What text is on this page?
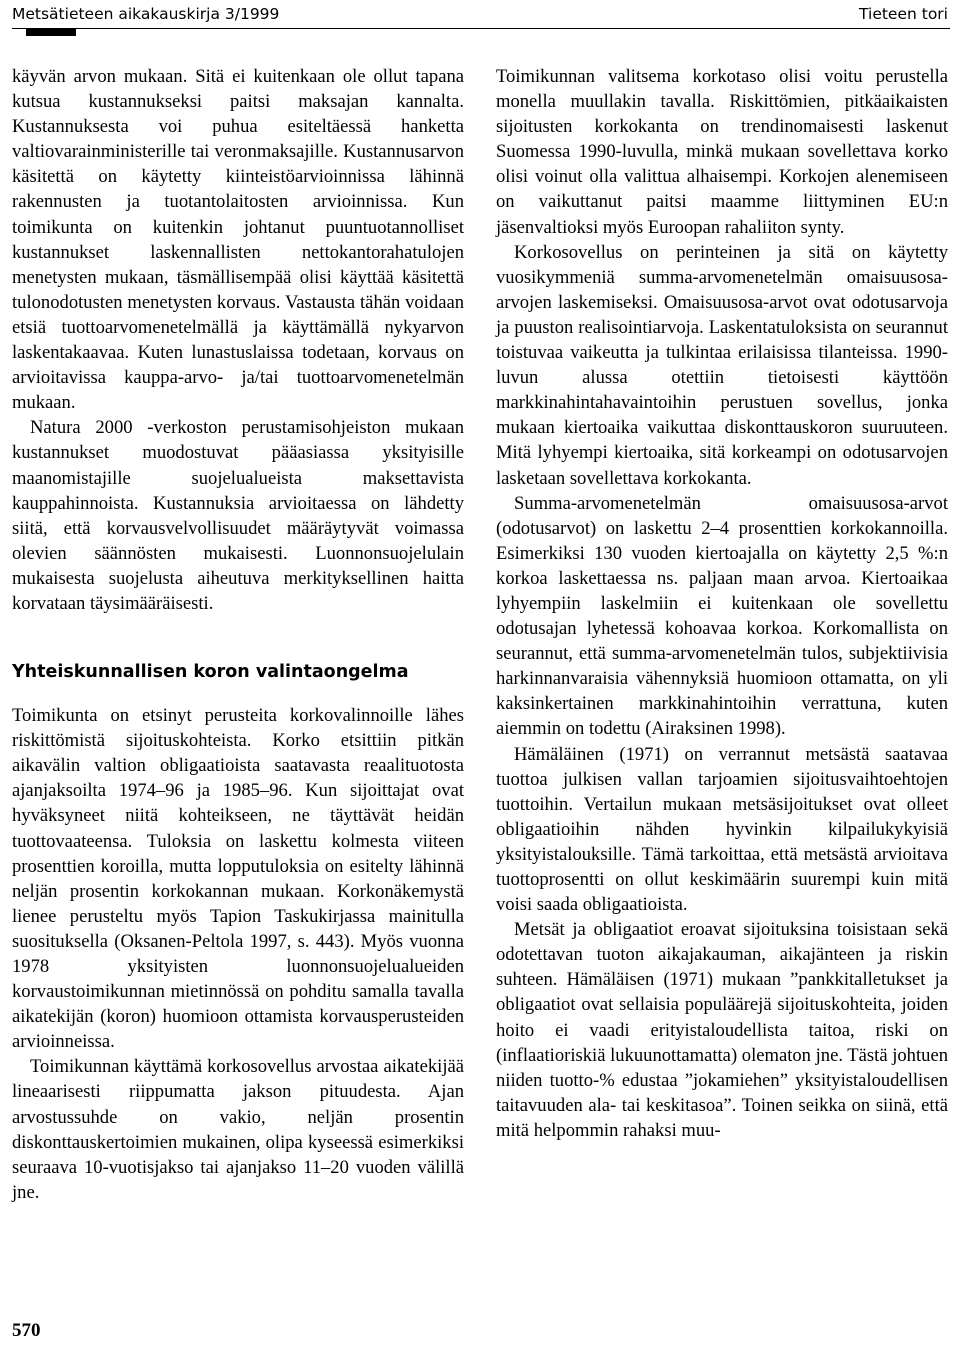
Metsätieteen aikakauskirja 3/1999	Tieteen tori

käyvän arvon mukaan. Sitä ei kuitenkaan ole ollut tapana kutsua kustannukseksi paitsi maksajan kannalta. Kustannuksesta voi puhua esiteltäessä hanketta valtiovarainministerille tai veronmaksajille. Kustannusarvon käsitettä on käytetty kiinteistöarvioinnissa lähinnä rakennusten ja tuotantolaitosten arvioinnissa. Kun toimikunta on kuitenkin johtanut puuntuotannolliset kustannukset laskennallisten nettokantorahatulojen menetysten mukaan, täsmällisempää olisi käyttää käsitettä tulonodotusten menetysten korvaus. Vastausta tähän voidaan etsiä tuottoarvomenetelmällä ja käyttämällä nykyarvon laskentakaavaa. Kuten lunastuslaissa todetaan, korvaus on arvioitavissa kauppa-arvo- ja/tai tuottoarvomenetelmän mukaan.

Natura 2000 -verkoston perustamisohjeiston mukaan kustannukset muodostuvat pääasiassa yksityisille maanomistajille suojelualueista maksettavista kauppahinnoista. Kustannuksia arvioitaessa on lähdetty siitä, että korvausvelvollisuudet määräytyvät voimassa olevien säännösten mukaisesti. Luonnonsuojelulain mukaisesta suojelusta aiheutuva merkityksellinen haitta korvataan täysimääräisesti.

Yhteiskunnallisen koron valintaongelma

Toimikunta on etsinyt perusteita korkovalinnoille lähes riskittömistä sijoituskohteista. Korko etsittiin pitkän aikavälin valtion obligaatioista saatavasta reaalituotosta ajanjaksoilta 1974–96 ja 1985–96. Kun sijoittajat ovat hyväksyneet niitä kohteikseen, ne täyttävät heidän tuottovaateensa. Tuloksia on laskettu kolmesta viiteen prosenttien koroilla, mutta lopputuloksia on esitelty lähinnä neljän prosentin korkokannan mukaan. Korkonäkemystä lienee perusteltu myös Tapion Taskukirjassa mainitulla suosituksella (Oksanen-Peltola 1997, s. 443). Myös vuonna 1978 yksityisten luonnonsuojelualueiden korvaustoimikunnan mietinnössä on pohditu samalla tavalla aikatekijän (koron) huomioon ottamista korvausperusteiden arvioinneissa.

Toimikunnan käyttämä korkosovellus arvostaa aikatekijää lineaarisesti riippumatta jakson pituudesta. Ajan arvostussuhde on vakio, neljän prosentin diskonttauskertoimien mukainen, olipa kyseessä esimerkiksi seuraava 10-vuotisjakso tai ajanjakso 11–20 vuoden välillä jne.

Toimikunnan valitsema korkotaso olisi voitu perustella monella muullakin tavalla. Riskittömien, pitkäaikaisten sijoitusten korkokanta on trendinomaisesti laskenut Suomessa 1990-luvulla, minkä mukaan sovellettava korko olisi voinut olla valittua alhaisempi. Korkojen alenemiseen on vaikuttanut paitsi maamme liittyminen EU:n jäsenvaltioksi myös Euroopan rahaliiton synty.

Korkosovellus on perinteinen ja sitä on käytetty vuosikymmeniä summa-arvomenetelmän omaisuusosa-arvojen laskemiseksi. Omaisuusosa-arvot ovat odotusarvoja ja puuston realisointiarvoja. Laskentatuloksista on seurannut toistuvaa vaikeutta ja tulkintaa erilaisissa tilanteissa. 1990-luvun alussa otettiin tietoisesti käyttöön markkinahintahavaintoihin perustuen sovellus, jonka mukaan kiertoaika vaikuttaa diskonttauskoron suuruuteen. Mitä lyhyempi kiertoaika, sitä korkeampi on odotusarvojen lasketaan sovellettava korkokanta.

Summa-arvomenetelmän omaisuusosa-arvot (odotusarvot) on laskettu 2–4 prosenttien korkokannoilla. Esimerkiksi 130 vuoden kiertoajalla on käytetty 2,5 %:n korkoa laskettaessa ns. paljaan maan arvoa. Kiertoaikaa lyhyempiin laskelmiin ei kuitenkaan ole sovellettu odotusajan lyhetessä kohoavaa korkoa. Korkomallista on seurannut, että summa-arvomenetelmän tulos, subjektiivisia harkinnanvaraisia vähennyksiä huomioon ottamatta, on yli kaksinkertainen markkinahintoihin verrattuna, kuten aiemmin on todettu (Airaksinen 1998).

Hämäläinen (1971) on verrannut metsästä saatavaa tuottoa julkisen vallan tarjoamien sijoitusvaihtoehtojen tuottoihin. Vertailun mukaan metsäsijoitukset ovat olleet obligaatioihin nähden hyvinkin kilpailukykyisiä yksityistalouksille. Tämä tarkoittaa, että metsästä arvioitava tuottoprosentti on ollut keskimäärin suurempi kuin mitä voisi saada obligaatioista.

Metsät ja obligaatiot eroavat sijoituksina toisistaan sekä odotettavan tuoton aikajakauman, aikajänteen ja riskin suhteen. Hämäläisen (1971) mukaan ”pankkitalletukset ja obligaatiot ovat sellaisia populäärejä sijoituskohteita, joiden hoito ei vaadi erityistaloudellista taitoa, riski on (inflaatioriskiä lukuunottamatta) olematon jne. Tästä johtuen niiden tuotto-% edustaa ”jokamiehen” yksityistaloudellisen taitavuuden ala- tai keskitasoa”. Toinen seikka on siinä, että mitä helpommin rahaksi muu-

570
